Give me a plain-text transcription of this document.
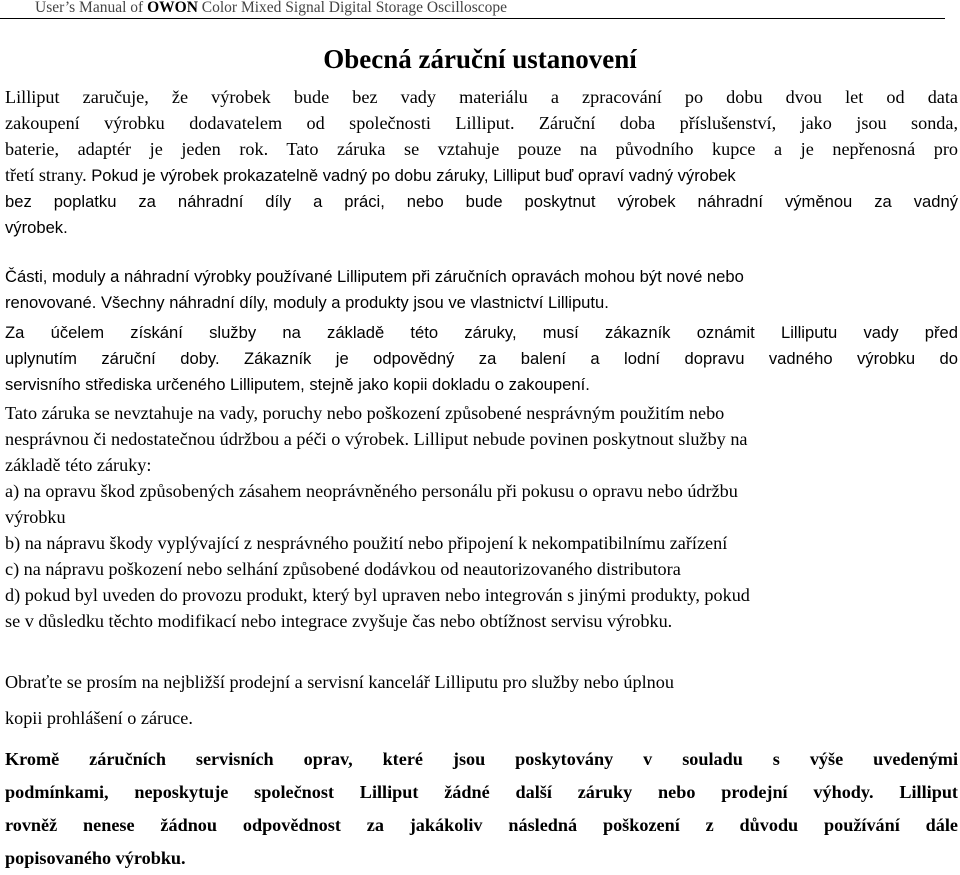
User’s Manual of OWON Color Mixed Signal Digital Storage Oscilloscope
Obecná záruční ustanovení
Lilliput zaručuje, že výrobek bude bez vady materiálu a zpracování po dobu dvou let od data
zakoupení výrobku dodavatelem od společnosti Lilliput. Záruční doba příslušenství, jako jsou sonda,
baterie, adaptér je jeden rok. Tato záruka se vztahuje pouze na původního kupce a je nepřenosná pro
třetí strany. Pokud je výrobek prokazatelně vadný po dobu záruky, Lilliput buď opraví vadný výrobek
bez poplatku za náhradní díly a práci, nebo bude poskytnut výrobek náhradní výměnou za vadný
výrobek.
Části, moduly a náhradní výrobky používané Lilliputem při záručních opravách mohou být nové nebo
renovované. Všechny náhradní díly, moduly a produkty jsou ve vlastnictví Lilliputu.
Za účelem získání služby na základě této záruky, musí zákazník oznámit Lilliputu vady před
uplynutím záruční doby. Zákazník je odpovědný za balení a lodní dopravu vadného výrobku do
servisního střediska určeného Lilliputem, stejně jako kopii dokladu o zakoupení.
Tato záruka se nevztahuje na vady, poruchy nebo poškození způsobené nesprávným použitím nebo
nesprávnou či nedostatečnou údržbou a péči o výrobek. Lilliput nebude povinen poskytnout služby na
základě této záruky:
a) na opravu škod způsobených zásahem neoprávněného personálu při pokusu o opravu nebo údržbu
výrobku
b) na nápravu škody vyplývající z nesprávného použití nebo připojení k nekompatibilnímu zařízení
c) na nápravu poškození nebo selhání způsobené dodávkou od neautorizovaného distributora
d) pokud byl uveden do provozu produkt, který byl upraven nebo integrován s jinými produkty, pokud
se v důsledku těchto modifikací nebo integrace zvyšuje čas nebo obtížnost servisu výrobku.
Obraťte se prosím na nejbližší prodejní a servisní kancelář Lilliputu pro služby nebo úplnou
kopii prohlášení o záruce.
Kromě záručních servisních oprav, které jsou poskytovány v souladu s výše uvedenými
podmínkami, neposkytuje společnost Lilliput žádné další záruky nebo prodejní výhody. Lilliput
rovněž nenese žádnou odpovědnost za jakákoliv následná poškození z důvodu používání dále
popisovaného výrobku.
